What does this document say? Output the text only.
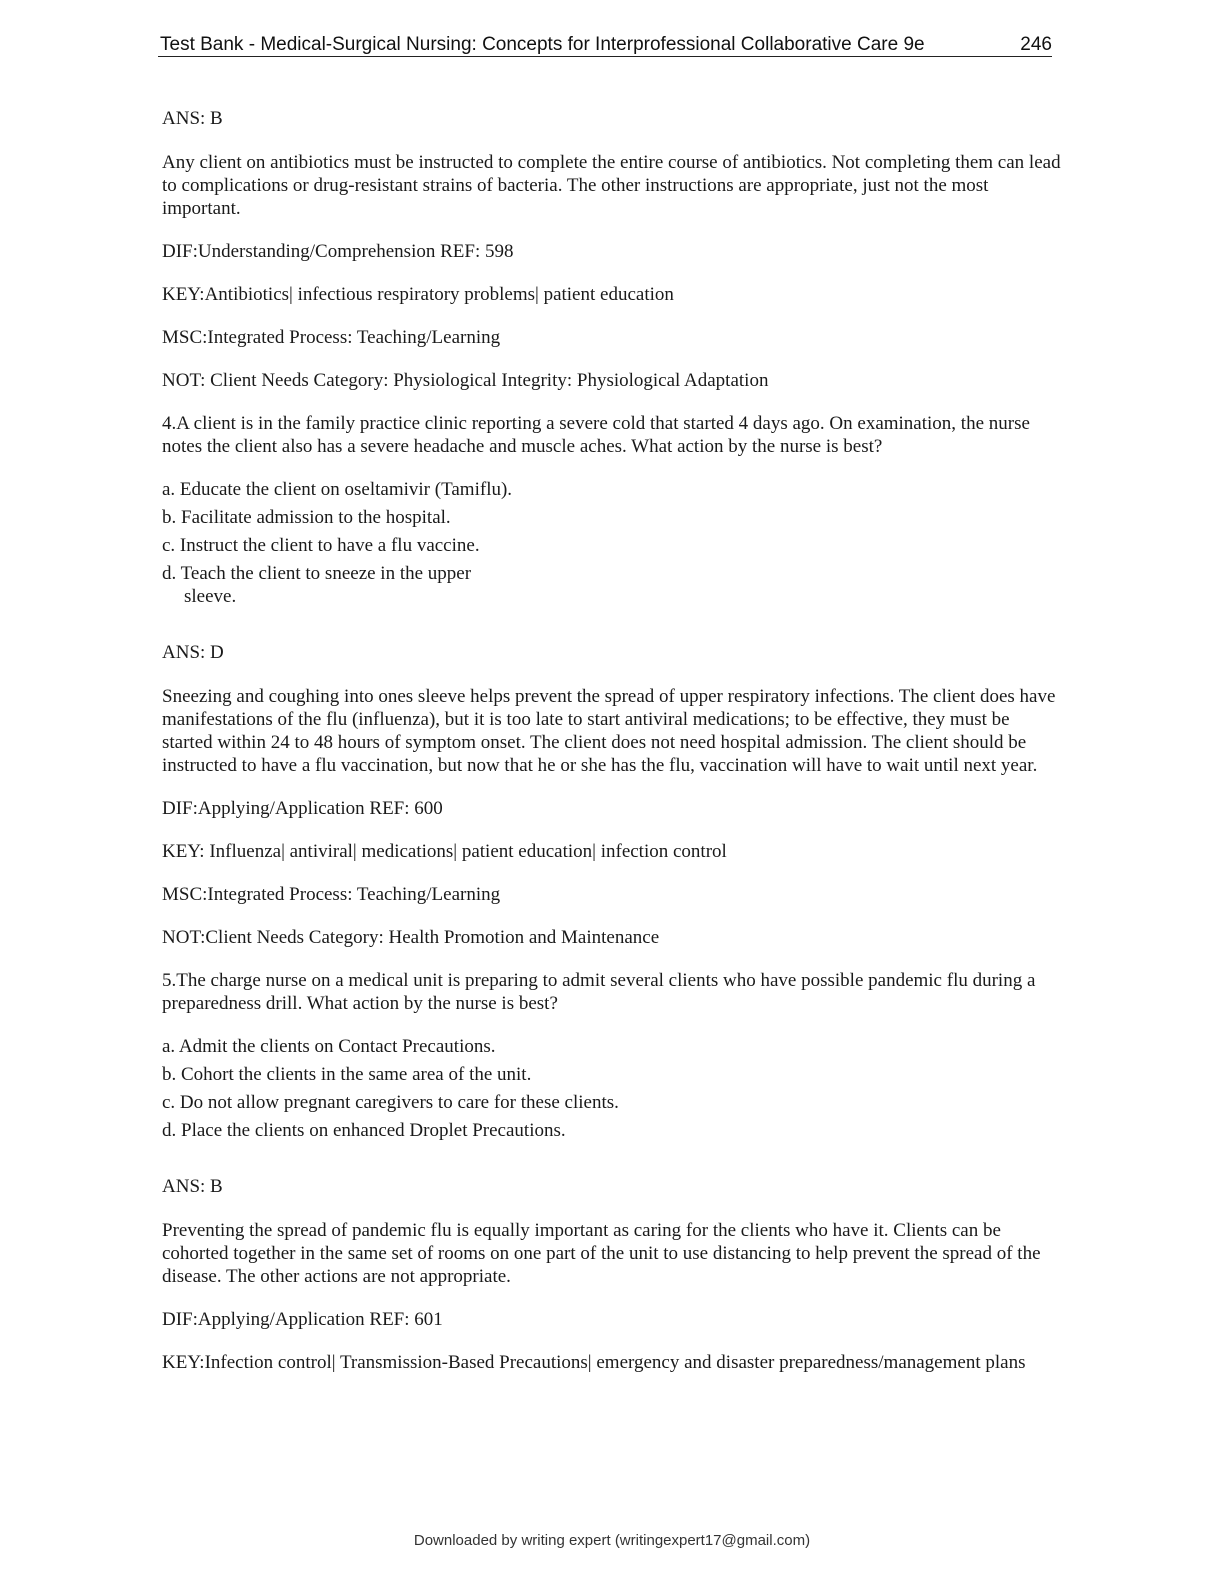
Test Bank - Medical-Surgical Nursing: Concepts for Interprofessional Collaborative Care 9e	246

ANS: B

Any client on antibiotics must be instructed to complete the entire course of antibiotics. Not completing them can lead to complications or drug-resistant strains of bacteria. The other instructions are appropriate, just not the most important.

DIF:Understanding/Comprehension REF: 598

KEY:Antibiotics| infectious respiratory problems| patient education

MSC:Integrated Process: Teaching/Learning

NOT: Client Needs Category: Physiological Integrity: Physiological Adaptation

4.A client is in the family practice clinic reporting a severe cold that started 4 days ago. On examination, the nurse notes the client also has a severe headache and muscle aches. What action by the nurse is best?

a. Educate the client on oseltamivir (Tamiflu).
b. Facilitate admission to the hospital.
c. Instruct the client to have a flu vaccine.
d. Teach the client to sneeze in the upper sleeve.

ANS: D

Sneezing and coughing into ones sleeve helps prevent the spread of upper respiratory infections. The client does have manifestations of the flu (influenza), but it is too late to start antiviral medications; to be effective, they must be started within 24 to 48 hours of symptom onset. The client does not need hospital admission. The client should be instructed to have a flu vaccination, but now that he or she has the flu, vaccination will have to wait until next year.

DIF:Applying/Application REF: 600

KEY: Influenza| antiviral| medications| patient education| infection control

MSC:Integrated Process: Teaching/Learning

NOT:Client Needs Category: Health Promotion and Maintenance

5.The charge nurse on a medical unit is preparing to admit several clients who have possible pandemic flu during a preparedness drill. What action by the nurse is best?

a. Admit the clients on Contact Precautions.
b. Cohort the clients in the same area of the unit.
c. Do not allow pregnant caregivers to care for these clients.
d. Place the clients on enhanced Droplet Precautions.

ANS: B

Preventing the spread of pandemic flu is equally important as caring for the clients who have it. Clients can be cohorted together in the same set of rooms on one part of the unit to use distancing to help prevent the spread of the disease. The other actions are not appropriate.

DIF:Applying/Application REF: 601

KEY:Infection control| Transmission-Based Precautions| emergency and disaster preparedness/management plans

Downloaded by writing expert (writingexpert17@gmail.com)
